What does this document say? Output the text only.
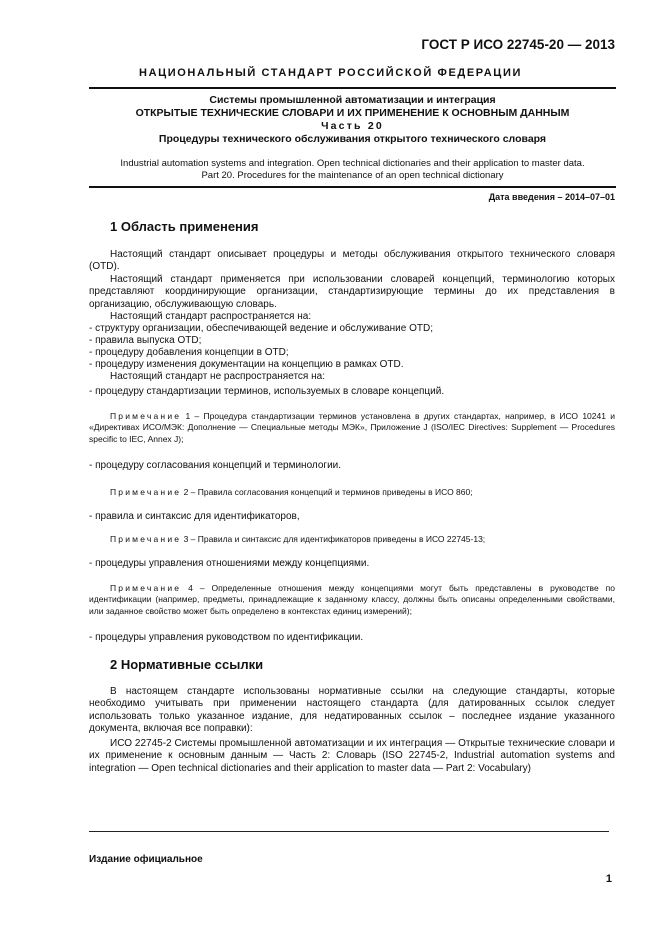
ГОСТ Р ИСО 22745-20 — 2013
НАЦИОНАЛЬНЫЙ СТАНДАРТ РОССИЙСКОЙ ФЕДЕРАЦИИ
Системы промышленной автоматизации и интеграция
ОТКРЫТЫЕ ТЕХНИЧЕСКИЕ СЛОВАРИ И ИХ ПРИМЕНЕНИЕ К ОСНОВНЫМ ДАННЫМ
Часть 20
Процедуры технического обслуживания открытого технического словаря
Industrial automation systems and integration. Open technical dictionaries and their application to master data.
Part 20. Procedures for the maintenance of an open technical dictionary
Дата введения – 2014–07–01
1 Область применения
Настоящий стандарт описывает процедуры и методы обслуживания открытого технического словаря (OTD).
Настоящий стандарт применяется при использовании словарей концепций, терминологию которых представляют координирующие организации, стандартизирующие термины до их представления в организацию, обслуживающую словарь.
Настоящий стандарт распространяется на:
- структуру организации, обеспечивающей ведение и обслуживание OTD;
- правила выпуска OTD;
- процедуру добавления концепции в OTD;
- процедуру изменения документации на концепцию в рамках OTD.
Настоящий стандарт не распространяется на:
- процедуру стандартизации терминов, используемых в словаре концепций.
Примечание 1 – Процедура стандартизации терминов установлена в других стандартах, например, в ИСО 10241 и «Директивах ИСО/МЭК: Дополнение — Специальные методы МЭК», Приложение J (ISO/IEC Directives: Supplement — Procedures specific to IEC, Annex J);
- процедуру согласования концепций и терминологии.
Примечание 2 – Правила согласования концепций и терминов приведены в ИСО 860;
- правила и синтаксис для идентификаторов,
Примечание 3 – Правила и синтаксис для идентификаторов приведены в ИСО 22745-13;
- процедуры управления отношениями между концепциями.
Примечание 4 – Определенные отношения между концепциями могут быть представлены в руководстве по идентификации (например, предметы, принадлежащие к заданному классу, должны быть описаны определенными свойствами, или заданное свойство может быть определено в контекстах единиц измерений);
- процедуры управления руководством по идентификации.
2 Нормативные ссылки
В настоящем стандарте использованы нормативные ссылки на следующие стандарты, которые необходимо учитывать при применении настоящего стандарта (для датированных ссылок следует использовать только указанное издание, для недатированных ссылок – последнее издание указанного документа, включая все поправки):
ИСО 22745-2 Системы промышленной автоматизации и их интеграция — Открытые технические словари и их применение к основным данным — Часть 2: Словарь (ISO 22745-2, Industrial automation systems and integration — Open technical dictionaries and their application to master data — Part 2: Vocabulary)
Издание официальное
1
